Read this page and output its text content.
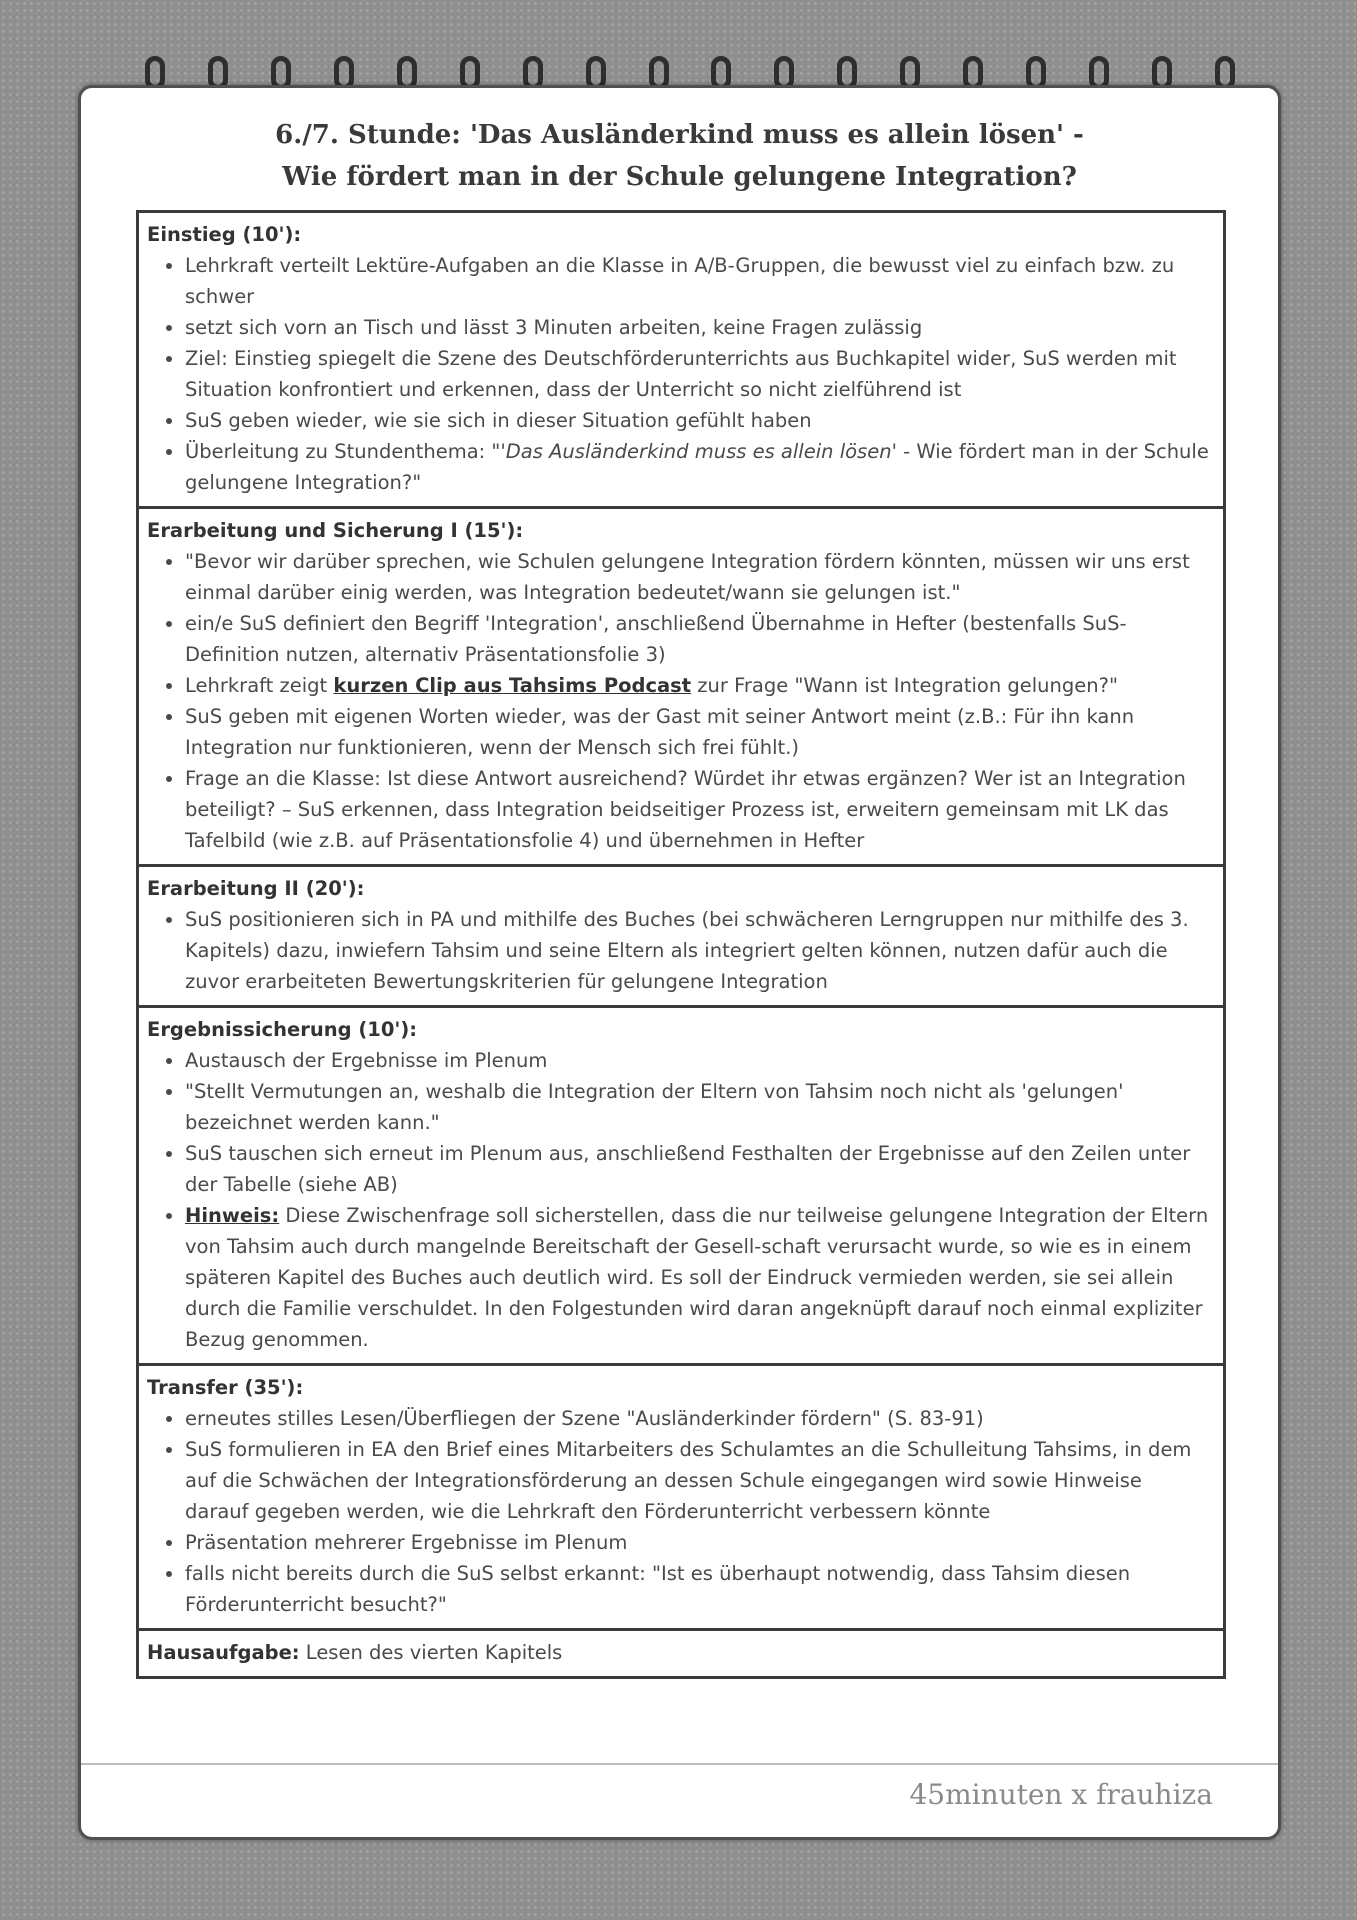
6./7. Stunde: 'Das Ausländerkind muss es allein lösen' -
Wie fördert man in der Schule gelungene Integration?
Einstieg (10'):
• Lehrkraft verteilt Lektüre-Aufgaben an die Klasse in A/B-Gruppen, die bewusst viel zu einfach bzw. zu schwer
• setzt sich vorn an Tisch und lässt 3 Minuten arbeiten, keine Fragen zulässig
• Ziel: Einstieg spiegelt die Szene des Deutschförderunterrichts aus Buchkapitel wider, SuS werden mit Situation konfrontiert und erkennen, dass der Unterricht so nicht zielführend ist
• SuS geben wieder, wie sie sich in dieser Situation gefühlt haben
• Überleitung zu Stundenthema: "'Das Ausländerkind muss es allein lösen' - Wie fördert man in der Schule gelungene Integration?"
Erarbeitung und Sicherung I (15'):
• "Bevor wir darüber sprechen, wie Schulen gelungene Integration fördern könnten, müssen wir uns erst einmal darüber einig werden, was Integration bedeutet/wann sie gelungen ist."
• ein/e SuS definiert den Begriff 'Integration', anschließend Übernahme in Hefter (bestenfalls SuS-Definition nutzen, alternativ Präsentationsfolie 3)
• Lehrkraft zeigt kurzen Clip aus Tahsims Podcast zur Frage "Wann ist Integration gelungen?"
• SuS geben mit eigenen Worten wieder, was der Gast mit seiner Antwort meint (z.B.: Für ihn kann Integration nur funktionieren, wenn der Mensch sich frei fühlt.)
• Frage an die Klasse: Ist diese Antwort ausreichend? Würdet ihr etwas ergänzen? Wer ist an Integration beteiligt? – SuS erkennen, dass Integration beidseitiger Prozess ist, erweitern gemeinsam mit LK das Tafelbild (wie z.B. auf Präsentationsfolie 4) und übernehmen in Hefter
Erarbeitung II (20'):
• SuS positionieren sich in PA und mithilfe des Buches (bei schwächeren Lerngruppen nur mithilfe des 3. Kapitels) dazu, inwiefern Tahsim und seine Eltern als integriert gelten können, nutzen dafür auch die zuvor erarbeiteten Bewertungskriterien für gelungene Integration
Ergebnissicherung (10'):
• Austausch der Ergebnisse im Plenum
• "Stellt Vermutungen an, weshalb die Integration der Eltern von Tahsim noch nicht als 'gelungen' bezeichnet werden kann."
• SuS tauschen sich erneut im Plenum aus, anschließend Festhalten der Ergebnisse auf den Zeilen unter der Tabelle (siehe AB)
• Hinweis: Diese Zwischenfrage soll sicherstellen, dass die nur teilweise gelungene Integration der Eltern von Tahsim auch durch mangelnde Bereitschaft der Gesell-schaft verursacht wurde, so wie es in einem späteren Kapitel des Buches auch deutlich wird. Es soll der Eindruck vermieden werden, sie sei allein durch die Familie verschuldet. In den Folgestunden wird daran angeknüpft darauf noch einmal expliziter Bezug genommen.
Transfer (35'):
• erneutes stilles Lesen/Überfliegen der Szene "Ausländerkinder fördern" (S. 83-91)
• SuS formulieren in EA den Brief eines Mitarbeiters des Schulamtes an die Schulleitung Tahsims, in dem auf die Schwächen der Integrationsförderung an dessen Schule eingegangen wird sowie Hinweise darauf gegeben werden, wie die Lehrkraft den Förderunterricht verbessern könnte
• Präsentation mehrerer Ergebnisse im Plenum
• falls nicht bereits durch die SuS selbst erkannt: "Ist es überhaupt notwendig, dass Tahsim diesen Förderunterricht besucht?"
Hausaufgabe: Lesen des vierten Kapitels
45minuten x frauhiza
